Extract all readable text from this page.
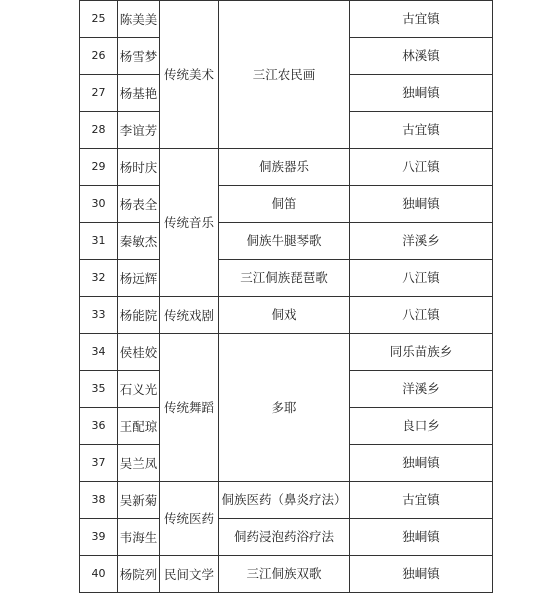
25	陈美美	传统美术	三江农民画	古宜镇
26	杨雪梦			林溪镇
27	杨基艳			独峒镇
28	李谊芳			古宜镇
29	杨时庆	传统音乐	侗族器乐	八江镇
30	杨表全		侗笛	独峒镇
31	秦敏杰		侗族牛腿琴歌	洋溪乡
32	杨远辉		三江侗族琵琶歌	八江镇
33	杨能院	传统戏剧	侗戏	八江镇
34	侯桂姣	传统舞蹈	多耶	同乐苗族乡
35	石义光			洋溪乡
36	王配琼			良口乡
37	吴兰凤			独峒镇
38	吴新菊	传统医药	侗族医药（鼻炎疗法）	古宜镇
39	韦海生		侗药浸泡药浴疗法	独峒镇
40	杨院列	民间文学	三江侗族双歌	独峒镇
